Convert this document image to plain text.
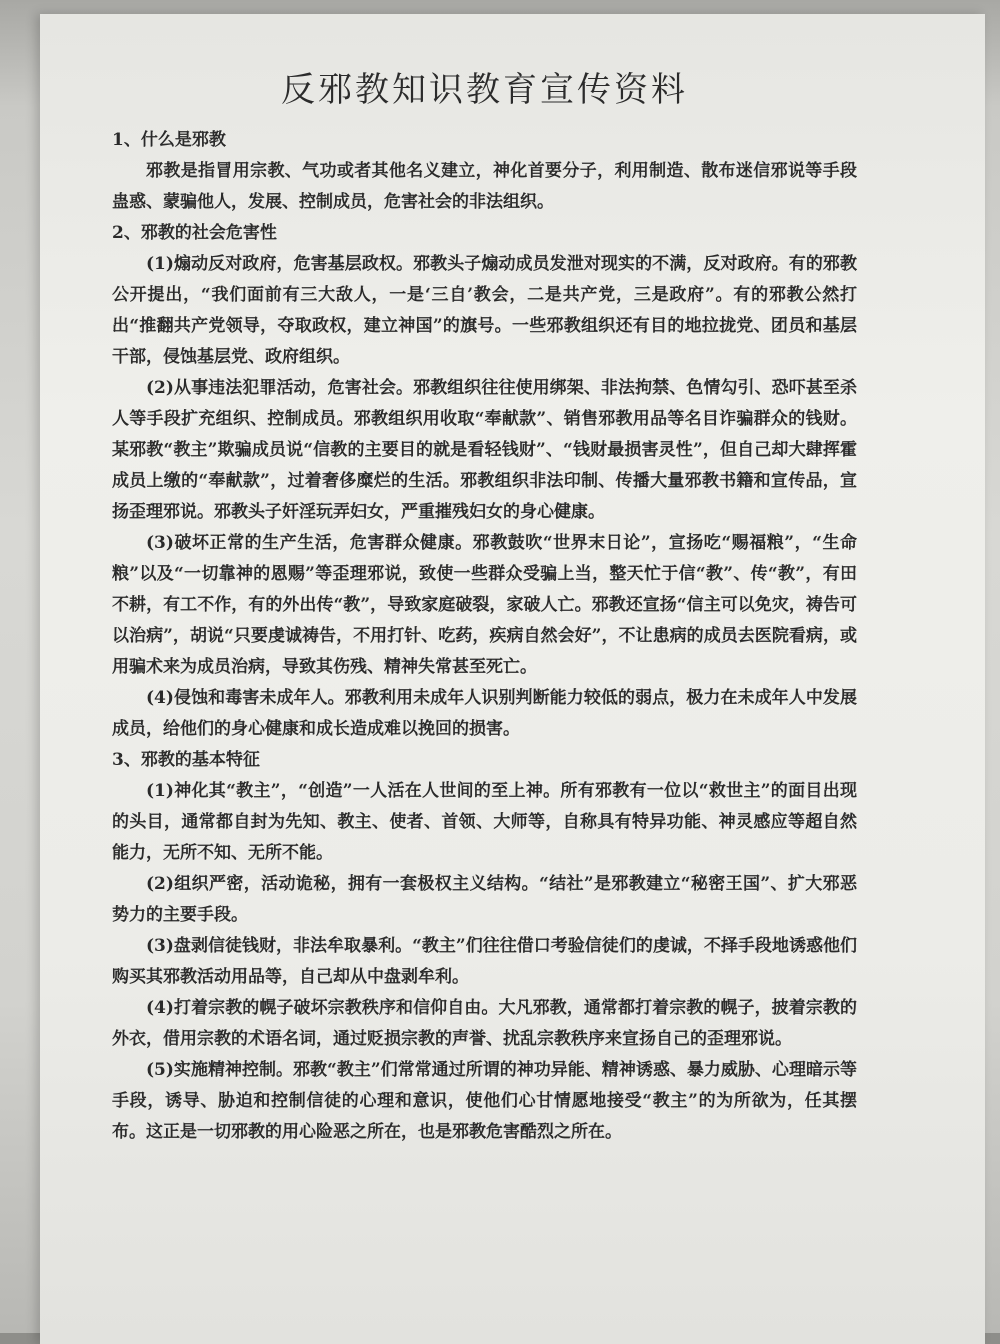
反邪教知识教育宣传资料

1、什么是邪教

邪教是指冒用宗教、气功或者其他名义建立，神化首要分子，利用制造、散布迷信邪说等手段蛊惑、蒙骗他人，发展、控制成员，危害社会的非法组织。

2、邪教的社会危害性

(1)煽动反对政府，危害基层政权。邪教头子煽动成员发泄对现实的不满，反对政府。有的邪教公开提出，“我们面前有三大敌人，一是‘三自’教会，二是共产党，三是政府”。有的邪教公然打出“推翻共产党领导，夺取政权，建立神国”的旗号。一些邪教组织还有目的地拉拢党、团员和基层干部，侵蚀基层党、政府组织。

(2)从事违法犯罪活动，危害社会。邪教组织往往使用绑架、非法拘禁、色情勾引、恐吓甚至杀人等手段扩充组织、控制成员。邪教组织用收取“奉献款”、销售邪教用品等名目诈骗群众的钱财。某邪教“教主”欺骗成员说“信教的主要目的就是看轻钱财”、“钱财最损害灵性”，但自己却大肆挥霍成员上缴的“奉献款”，过着奢侈糜烂的生活。邪教组织非法印制、传播大量邪教书籍和宣传品，宣扬歪理邪说。邪教头子奸淫玩弄妇女，严重摧残妇女的身心健康。

(3)破坏正常的生产生活，危害群众健康。邪教鼓吹“世界末日论”，宣扬吃“赐福粮”，“生命粮”以及“一切靠神的恩赐”等歪理邪说，致使一些群众受骗上当，整天忙于信“教”、传“教”，有田不耕，有工不作，有的外出传“教”，导致家庭破裂，家破人亡。邪教还宣扬“信主可以免灾，祷告可以治病”，胡说“只要虔诚祷告，不用打针、吃药，疾病自然会好”，不让患病的成员去医院看病，或用骗术来为成员治病，导致其伤残、精神失常甚至死亡。

(4)侵蚀和毒害未成年人。邪教利用未成年人识别判断能力较低的弱点，极力在未成年人中发展成员，给他们的身心健康和成长造成难以挽回的损害。

3、邪教的基本特征

(1)神化其“教主”，“创造”一人活在人世间的至上神。所有邪教有一位以“救世主”的面目出现的头目，通常都自封为先知、教主、使者、首领、大师等，自称具有特异功能、神灵感应等超自然能力，无所不知、无所不能。

(2)组织严密，活动诡秘，拥有一套极权主义结构。“结社”是邪教建立“秘密王国”、扩大邪恶势力的主要手段。

(3)盘剥信徒钱财，非法牟取暴利。“教主”们往往借口考验信徒们的虔诚，不择手段地诱惑他们购买其邪教活动用品等，自己却从中盘剥牟利。

(4)打着宗教的幌子破坏宗教秩序和信仰自由。大凡邪教，通常都打着宗教的幌子，披着宗教的外衣，借用宗教的术语名词，通过贬损宗教的声誉、扰乱宗教秩序来宣扬自己的歪理邪说。

(5)实施精神控制。邪教“教主”们常常通过所谓的神功异能、精神诱惑、暴力威胁、心理暗示等手段，诱导、胁迫和控制信徒的心理和意识，使他们心甘情愿地接受“教主”的为所欲为，任其摆布。这正是一切邪教的用心险恶之所在，也是邪教危害酷烈之所在。
